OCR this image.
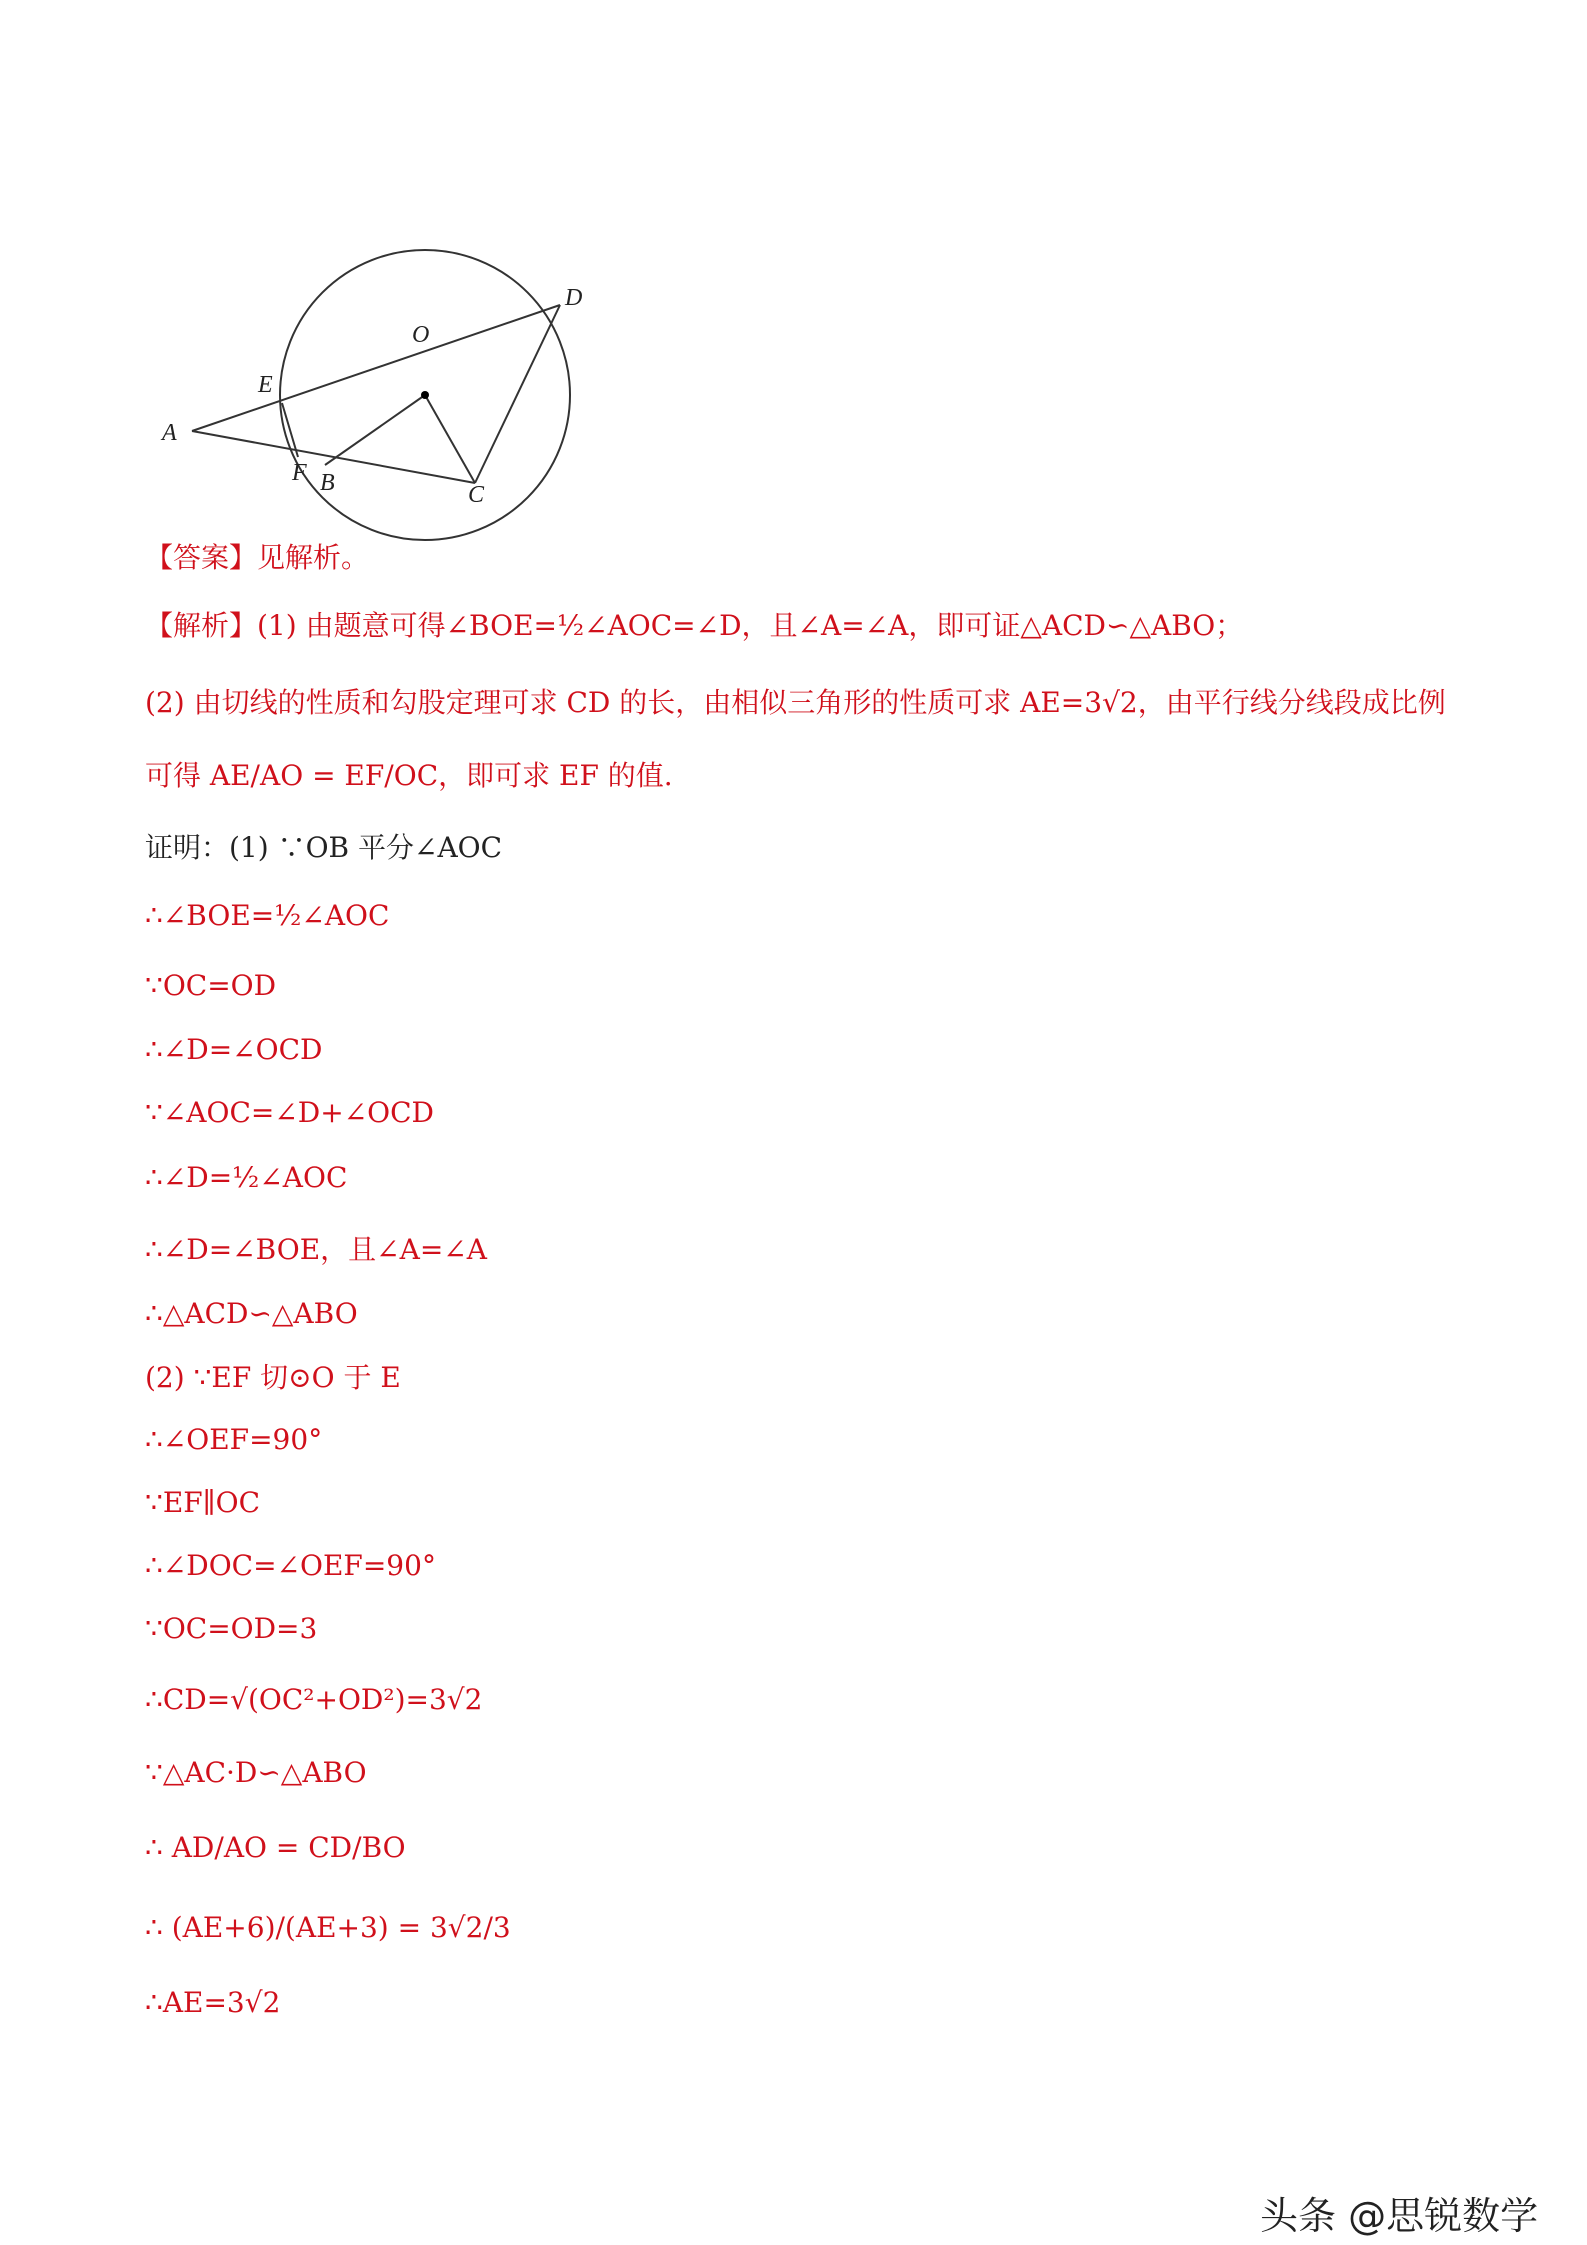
A
B	C
D
E
F
O
【答案】见解析。
【解析】(1) 由题意可得∠BOE=½∠AOC=∠D，且∠A=∠A，即可证△ACD∽△ABO；
(2) 由切线的性质和勾股定理可求 CD 的长，由相似三角形的性质可求 AE=3√2，由平行线分线段成比例
可得 AE/AO = EF/OC，即可求 EF 的值.
证明：(1) ∵OB 平分∠AOC
∴∠BOE=½∠AOC
∵OC=OD
∴∠D=∠OCD
∵∠AOC=∠D+∠OCD
∴∠D=½∠AOC
∴∠D=∠BOE，且∠A=∠A
∴△ACD∽△ABO
(2) ∵EF 切⊙O 于 E
∴∠OEF=90°
∵EF∥OC
∴∠DOC=∠OEF=90°
∵OC=OD=3
∴CD=√(OC²+OD²)=3√2
∵△AC·D∽△ABO
∴ AD/AO = CD/BO
∴ (AE+6)/(AE+3) = 3√2/3
∴AE=3√2
头条 @思锐数学
